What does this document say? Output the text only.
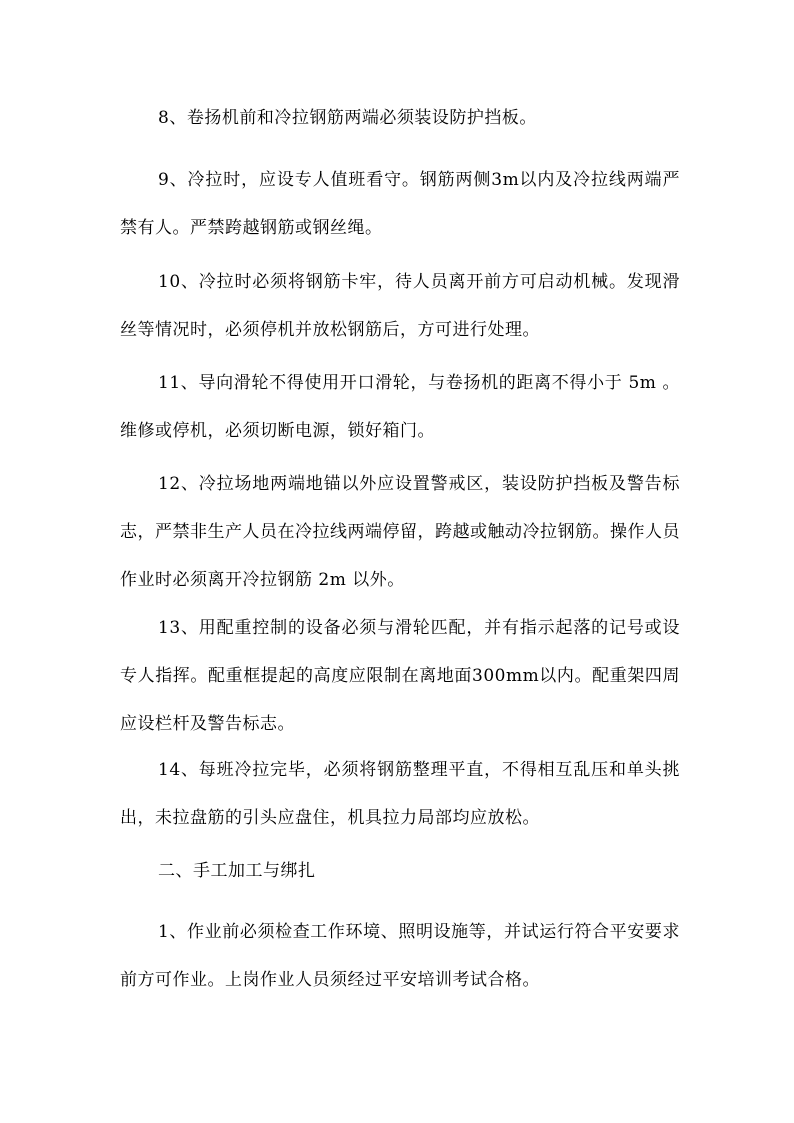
8、卷扬机前和冷拉钢筋两端必须装设防护挡板。

9、冷拉时，应设专人值班看守。钢筋两侧3m以内及冷拉线两端严禁有人。严禁跨越钢筋或钢丝绳。

10、冷拉时必须将钢筋卡牢，待人员离开前方可启动机械。发现滑丝等情况时，必须停机并放松钢筋后，方可进行处理。

11、导向滑轮不得使用开口滑轮，与卷扬机的距离不得小于 5m 。维修或停机，必须切断电源，锁好箱门。

12、冷拉场地两端地锚以外应设置警戒区，装设防护挡板及警告标志，严禁非生产人员在冷拉线两端停留，跨越或触动冷拉钢筋。操作人员作业时必须离开冷拉钢筋 2m 以外。

13、用配重控制的设备必须与滑轮匹配，并有指示起落的记号或设专人指挥。配重框提起的高度应限制在离地面300mm以内。配重架四周应设栏杆及警告标志。

14、每班冷拉完毕，必须将钢筋整理平直，不得相互乱压和单头挑出，未拉盘筋的引头应盘住，机具拉力局部均应放松。

二、手工加工与绑扎

1、作业前必须检查工作环境、照明设施等，并试运行符合平安要求前方可作业。上岗作业人员须经过平安培训考试合格。
